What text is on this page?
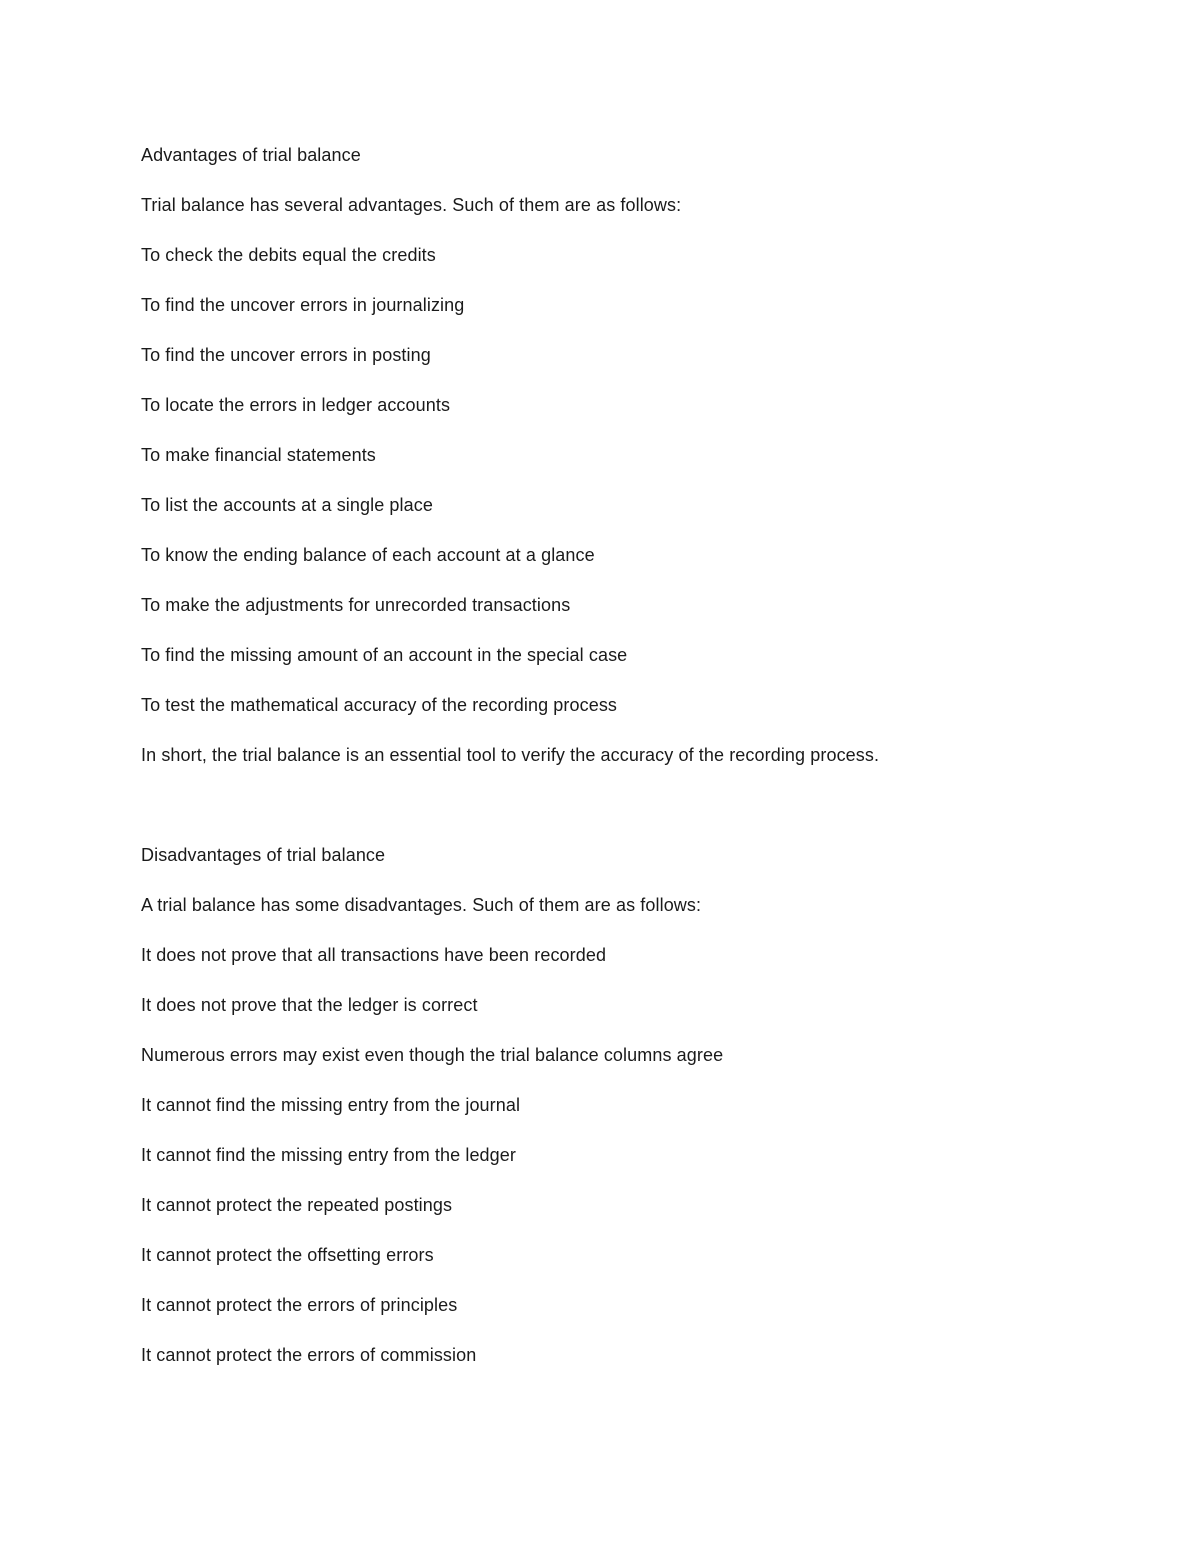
Advantages of trial balance
Trial balance has several advantages. Such of them are as follows:
To check the debits equal the credits
To find the uncover errors in journalizing
To find the uncover errors in posting
To locate the errors in ledger accounts
To make financial statements
To list the accounts at a single place
To know the ending balance of each account at a glance
To make the adjustments for unrecorded transactions
To find the missing amount of an account in the special case
To test the mathematical accuracy of the recording process
In short, the trial balance is an essential tool to verify the accuracy of the recording process.
Disadvantages of trial balance
A trial balance has some disadvantages. Such of them are as follows:
It does not prove that all transactions have been recorded
It does not prove that the ledger is correct
Numerous errors may exist even though the trial balance columns agree
It cannot find the missing entry from the journal
It cannot find the missing entry from the ledger
It cannot protect the repeated postings
It cannot protect the offsetting errors
It cannot protect the errors of principles
It cannot protect the errors of commission
